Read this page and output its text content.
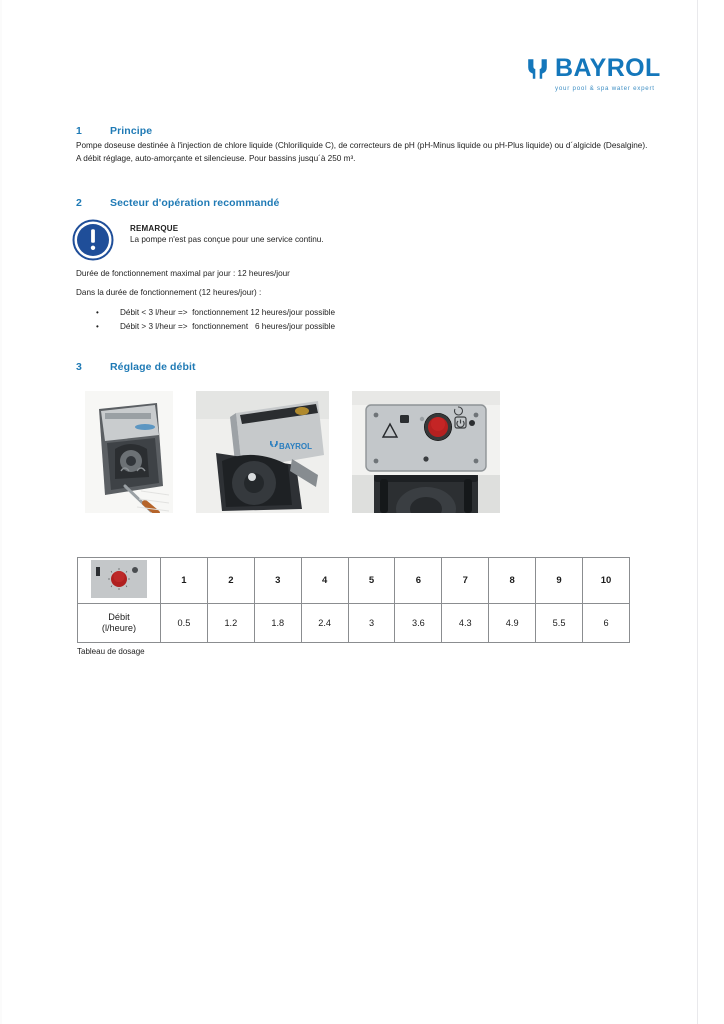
BAYROL
your pool & spa water expert
1	Principe
Pompe doseuse destinée à l'injection de chlore liquide (Chloriliquide C), de correcteurs de pH (pH-Minus liquide ou pH-Plus liquide) ou d´algicide (Desalgine). A débit réglage, auto-amorçante et silencieuse. Pour bassins jusqu´à 250 m³.
2	Secteur d'opération recommandé
REMARQUE
La pompe n'est pas conçue pour une service continu.
Durée de fonctionnement maximal par jour : 12 heures/jour
Dans la durée de fonctionnement (12 heures/jour) :
•	Débit < 3 l/heur =>  fonctionnement 12 heures/jour possible
•	Débit > 3 l/heur =>  fonctionnement   6 heures/jour possible
3	Réglage de débit
BAYROL
	1	2	3	4	5	6	7	8	9	10

Débit
(l/heure)	0.5	1.2	1.8	2.4	3	3.6	4.3	4.9	5.5	6
Tableau de dosage
